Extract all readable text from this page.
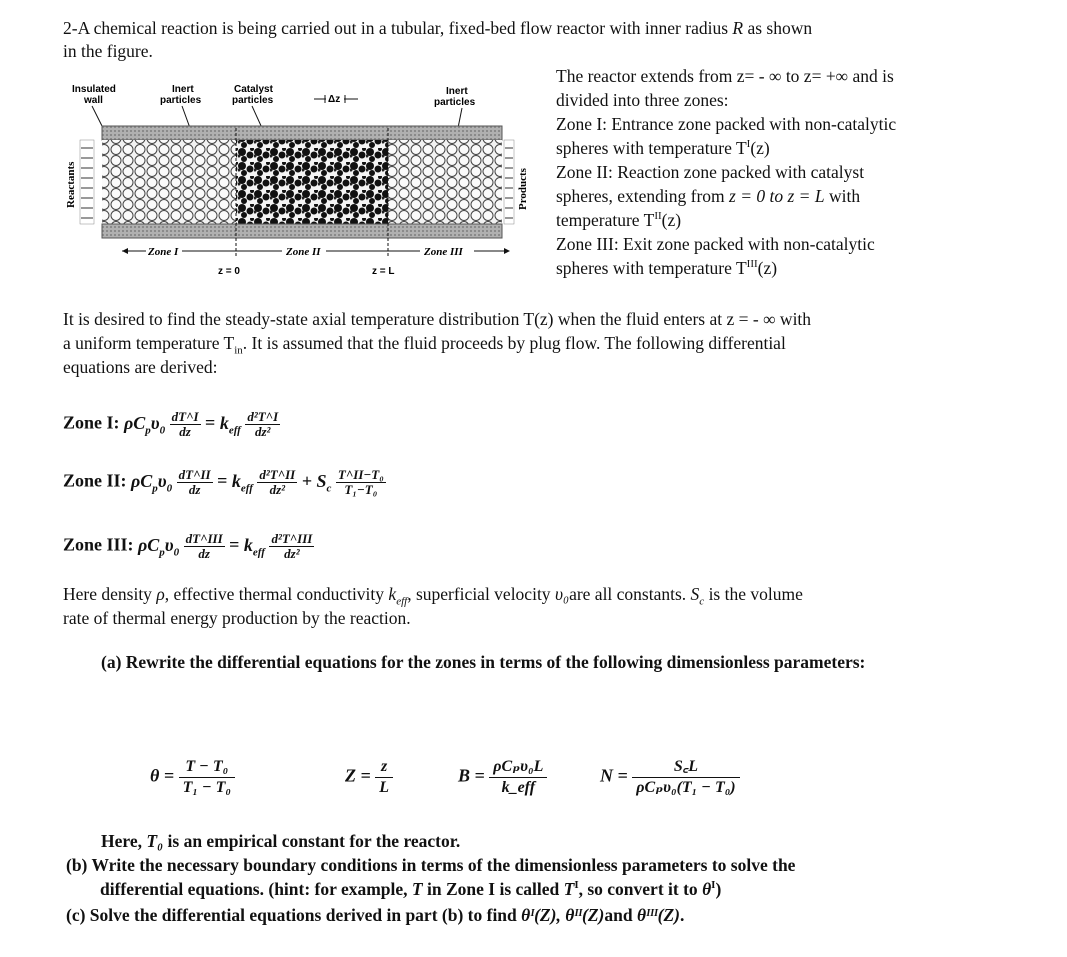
2-A chemical reaction is being carried out in a tubular, fixed-bed flow reactor with inner radius R as shown
in the figure.
Insulated
wall
Inert
particles
Catalyst
particles	Δz
Inert
particles
Reactants	Products
Zone I	Zone II	Zone III
z = 0	z = L
The reactor extends from z= - ∞ to z= +∞ and is
divided into three zones:
Zone I: Entrance zone packed with non-catalytic
spheres with temperature $T^I(z)$
Zone II: Reaction zone packed with catalyst
spheres, extending from z = 0 to z = L with
temperature $T^{II}(z)$
Zone III: Exit zone packed with non-catalytic
spheres with temperature $T^{III}(z)$
It is desired to find the steady-state axial temperature distribution T(z) when the fluid enters at z = - ∞ with
a uniform temperature $T_{in}$. It is assumed that the fluid proceeds by plug flow. The following differential
equations are derived:
Zone I: $\rho C_p\upsilon_0 \frac{dT\^{}I}{dz} = k_{eff} \frac{\text{d²T\textasciicircum{}I}}{\text{dz²}}$
Zone II: $\rho C_p\upsilon_0 \frac{dT\^{}II}{dz} = k_{eff} \frac{\text{d²T\textasciicircum{}II}}{\text{dz²}} + S_c \frac{\text{T\textasciicircum{}II−T₀}}{\text{T₁−T₀}}$
Zone III: $\rho C_p\upsilon_0 \frac{\text{dT\textasciicircum{}III}}{dz} = k_{eff} \frac{\text{d²T\textasciicircum{}III}}{\text{dz²}}$
Here density ρ, effective thermal conductivity $k_{eff}$, superficial velocity υ₀are all constants. $S_c$ is the volume
rate of thermal energy production by the reaction.
(a) Rewrite the differential equations for the zones in terms of the following dimensionless parameters:
$\theta = \frac{\text{T − T₀}}{\text{T₁ − T₀}}$	$Z = \frac{z}{L}$	$B = \frac{\text{ρCₚυ₀L}}{\text{k\_eff}}$	$N = \frac{S꜀L}{\text{ρCₚυ₀(T₁ − T₀)}}$
Here, T₀ is an empirical constant for the reactor.
(b) Write the necessary boundary conditions in terms of the dimensionless parameters to solve the
differential equations. (hint: for example, T in Zone I is called $T^I$, so convert it to $\theta^I$)
(c) Solve the differential equations derived in part (b) to find θᴵ(Z), θᴵᴵ(Z)and θᴵᴵᴵ(Z).
